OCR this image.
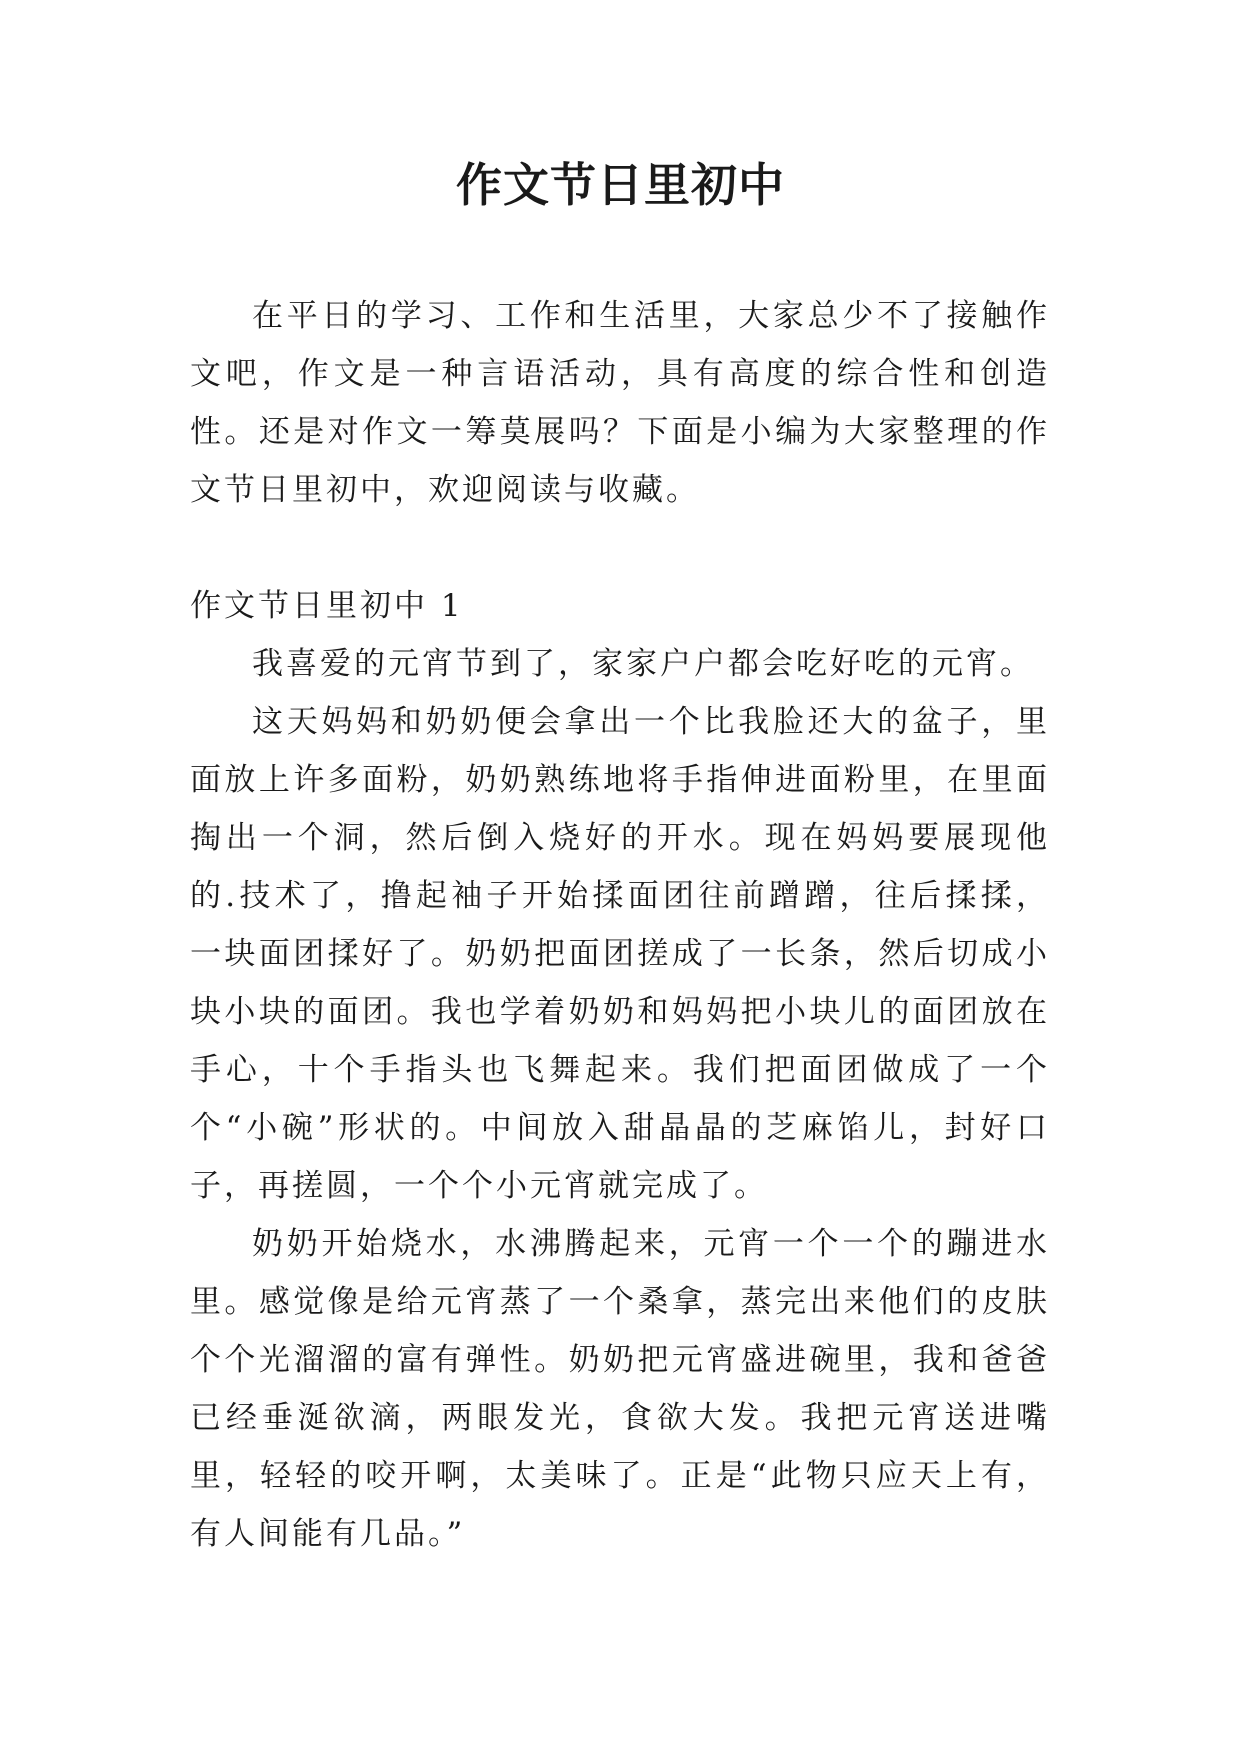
作文节日里初中

在平日的学习、工作和生活里，大家总少不了接触作文吧，作文是一种言语活动，具有高度的综合性和创造性。还是对作文一筹莫展吗？下面是小编为大家整理的作文节日里初中，欢迎阅读与收藏。

作文节日里初中 1

我喜爱的元宵节到了，家家户户都会吃好吃的元宵。

这天妈妈和奶奶便会拿出一个比我脸还大的盆子，里面放上许多面粉，奶奶熟练地将手指伸进面粉里，在里面掏出一个洞，然后倒入烧好的开水。现在妈妈要展现他的.技术了，撸起袖子开始揉面团往前蹭蹭，往后揉揉，一块面团揉好了。奶奶把面团搓成了一长条，然后切成小块小块的面团。我也学着奶奶和妈妈把小块儿的面团放在手心，十个手指头也飞舞起来。我们把面团做成了一个个“小碗”形状的。中间放入甜晶晶的芝麻馅儿，封好口子，再搓圆，一个个小元宵就完成了。

奶奶开始烧水，水沸腾起来，元宵一个一个的蹦进水里。感觉像是给元宵蒸了一个桑拿，蒸完出来他们的皮肤个个光溜溜的富有弹性。奶奶把元宵盛进碗里，我和爸爸已经垂涎欲滴，两眼发光，食欲大发。我把元宵送进嘴里，轻轻的咬开啊，太美味了。正是“此物只应天上有，有人间能有几品。”
